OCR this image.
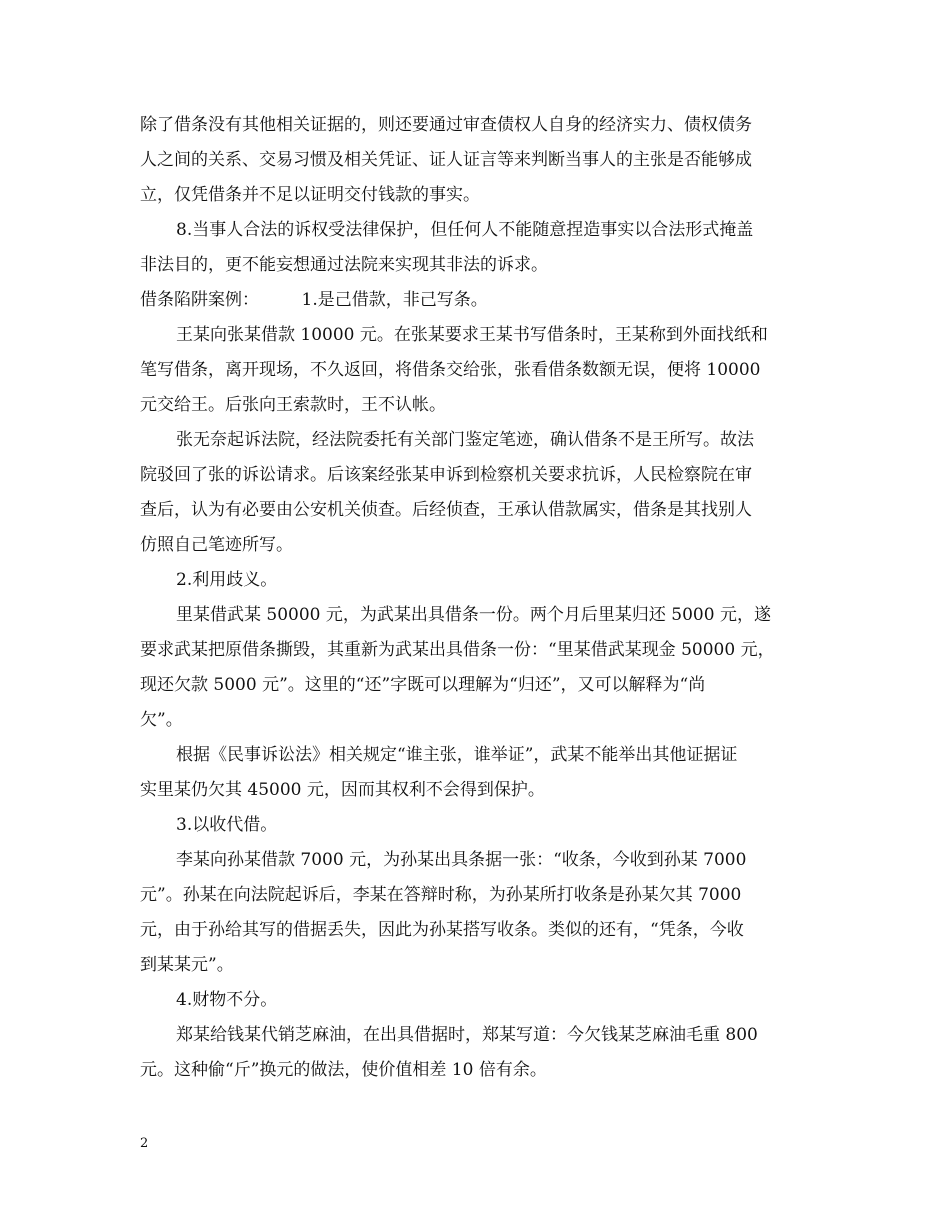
除了借条没有其他相关证据的，则还要通过审查债权人自身的经济实力、债权债务
人之间的关系、交易习惯及相关凭证、证人证言等来判断当事人的主张是否能够成
立，仅凭借条并不足以证明交付钱款的事实。
8.当事人合法的诉权受法律保护，但任何人不能随意捏造事实以合法形式掩盖
非法目的，更不能妄想通过法院来实现其非法的诉求。
借条陷阱案例：　　　1.是己借款，非己写条。
王某向张某借款 10000 元。在张某要求王某书写借条时，王某称到外面找纸和
笔写借条，离开现场，不久返回，将借条交给张，张看借条数额无误，便将 10000
元交给王。后张向王索款时，王不认帐。
张无奈起诉法院，经法院委托有关部门鉴定笔迹，确认借条不是王所写。故法
院驳回了张的诉讼请求。后该案经张某申诉到检察机关要求抗诉，人民检察院在审
查后，认为有必要由公安机关侦查。后经侦查，王承认借款属实，借条是其找别人
仿照自己笔迹所写。
2.利用歧义。
里某借武某 50000 元，为武某出具借条一份。两个月后里某归还 5000 元，遂
要求武某把原借条撕毁，其重新为武某出具借条一份：“里某借武某现金 50000 元，
现还欠款 5000 元”。这里的“还”字既可以理解为“归还”，又可以解释为“尚
欠”。
根据《民事诉讼法》相关规定“谁主张，谁举证”，武某不能举出其他证据证
实里某仍欠其 45000 元，因而其权利不会得到保护。
3.以收代借。
李某向孙某借款 7000 元，为孙某出具条据一张：“收条，今收到孙某 7000
元”。孙某在向法院起诉后，李某在答辩时称，为孙某所打收条是孙某欠其 7000
元，由于孙给其写的借据丢失，因此为孙某搭写收条。类似的还有，“凭条，今收
到某某元”。
4.财物不分。
郑某给钱某代销芝麻油，在出具借据时，郑某写道：今欠钱某芝麻油毛重 800
元。这种偷“斤”换元的做法，使价值相差 10 倍有余。
2
